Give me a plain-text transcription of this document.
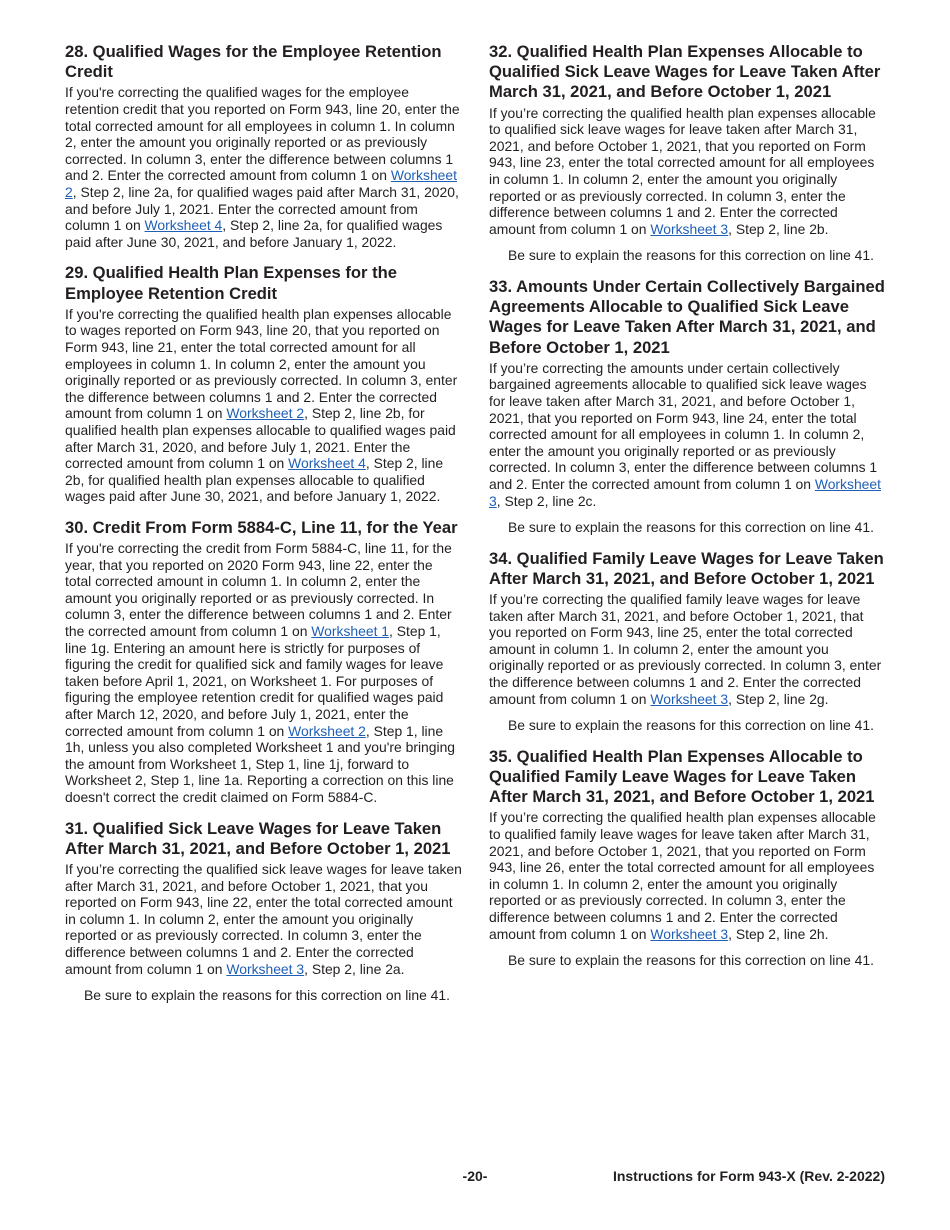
28. Qualified Wages for the Employee Retention Credit

If you're correcting the qualified wages for the employee retention credit that you reported on Form 943, line 20, enter the total corrected amount for all employees in column 1. In column 2, enter the amount you originally reported or as previously corrected. In column 3, enter the difference between columns 1 and 2. Enter the corrected amount from column 1 on Worksheet 2, Step 2, line 2a, for qualified wages paid after March 31, 2020, and before July 1, 2021. Enter the corrected amount from column 1 on Worksheet 4, Step 2, line 2a, for qualified wages paid after June 30, 2021, and before January 1, 2022.

29. Qualified Health Plan Expenses for the Employee Retention Credit

If you're correcting the qualified health plan expenses allocable to wages reported on Form 943, line 20, that you reported on Form 943, line 21, enter the total corrected amount for all employees in column 1. In column 2, enter the amount you originally reported or as previously corrected. In column 3, enter the difference between columns 1 and 2. Enter the corrected amount from column 1 on Worksheet 2, Step 2, line 2b, for qualified health plan expenses allocable to qualified wages paid after March 31, 2020, and before July 1, 2021. Enter the corrected amount from column 1 on Worksheet 4, Step 2, line 2b, for qualified health plan expenses allocable to qualified wages paid after June 30, 2021, and before January 1, 2022.

30. Credit From Form 5884-C, Line 11, for the Year

If you're correcting the credit from Form 5884-C, line 11, for the year, that you reported on 2020 Form 943, line 22, enter the total corrected amount in column 1. In column 2, enter the amount you originally reported or as previously corrected. In column 3, enter the difference between columns 1 and 2. Enter the corrected amount from column 1 on Worksheet 1, Step 1, line 1g. Entering an amount here is strictly for purposes of figuring the credit for qualified sick and family wages for leave taken before April 1, 2021, on Worksheet 1. For purposes of figuring the employee retention credit for qualified wages paid after March 12, 2020, and before July 1, 2021, enter the corrected amount from column 1 on Worksheet 2, Step 1, line 1h, unless you also completed Worksheet 1 and you're bringing the amount from Worksheet 1, Step 1, line 1j, forward to Worksheet 2, Step 1, line 1a. Reporting a correction on this line doesn't correct the credit claimed on Form 5884-C.

31. Qualified Sick Leave Wages for Leave Taken After March 31, 2021, and Before October 1, 2021

If you’re correcting the qualified sick leave wages for leave taken after March 31, 2021, and before October 1, 2021, that you reported on Form 943, line 22, enter the total corrected amount in column 1. In column 2, enter the amount you originally reported or as previously corrected. In column 3, enter the difference between columns 1 and 2. Enter the corrected amount from column 1 on Worksheet 3, Step 2, line 2a.

Be sure to explain the reasons for this correction on line 41.

32. Qualified Health Plan Expenses Allocable to Qualified Sick Leave Wages for Leave Taken After March 31, 2021, and Before October 1, 2021

If you’re correcting the qualified health plan expenses allocable to qualified sick leave wages for leave taken after March 31, 2021, and before October 1, 2021, that you reported on Form 943, line 23, enter the total corrected amount for all employees in column 1. In column 2, enter the amount you originally reported or as previously corrected. In column 3, enter the difference between columns 1 and 2. Enter the corrected amount from column 1 on Worksheet 3, Step 2, line 2b.

Be sure to explain the reasons for this correction on line 41.

33. Amounts Under Certain Collectively Bargained Agreements Allocable to Qualified Sick Leave Wages for Leave Taken After March 31, 2021, and Before October 1, 2021

If you’re correcting the amounts under certain collectively bargained agreements allocable to qualified sick leave wages for leave taken after March 31, 2021, and before October 1, 2021, that you reported on Form 943, line 24, enter the total corrected amount for all employees in column 1. In column 2, enter the amount you originally reported or as previously corrected. In column 3, enter the difference between columns 1 and 2. Enter the corrected amount from column 1 on Worksheet 3, Step 2, line 2c.

Be sure to explain the reasons for this correction on line 41.

34. Qualified Family Leave Wages for Leave Taken After March 31, 2021, and Before October 1, 2021

If you’re correcting the qualified family leave wages for leave taken after March 31, 2021, and before October 1, 2021, that you reported on Form 943, line 25, enter the total corrected amount in column 1. In column 2, enter the amount you originally reported or as previously corrected. In column 3, enter the difference between columns 1 and 2. Enter the corrected amount from column 1 on Worksheet 3, Step 2, line 2g.

Be sure to explain the reasons for this correction on line 41.

35. Qualified Health Plan Expenses Allocable to Qualified Family Leave Wages for Leave Taken After March 31, 2021, and Before October 1, 2021

If you’re correcting the qualified health plan expenses allocable to qualified family leave wages for leave taken after March 31, 2021, and before October 1, 2021, that you reported on Form 943, line 26, enter the total corrected amount for all employees in column 1. In column 2, enter the amount you originally reported or as previously corrected. In column 3, enter the difference between columns 1 and 2. Enter the corrected amount from column 1 on Worksheet 3, Step 2, line 2h.

Be sure to explain the reasons for this correction on line 41.

-20-	Instructions for Form 943-X (Rev. 2-2022)
